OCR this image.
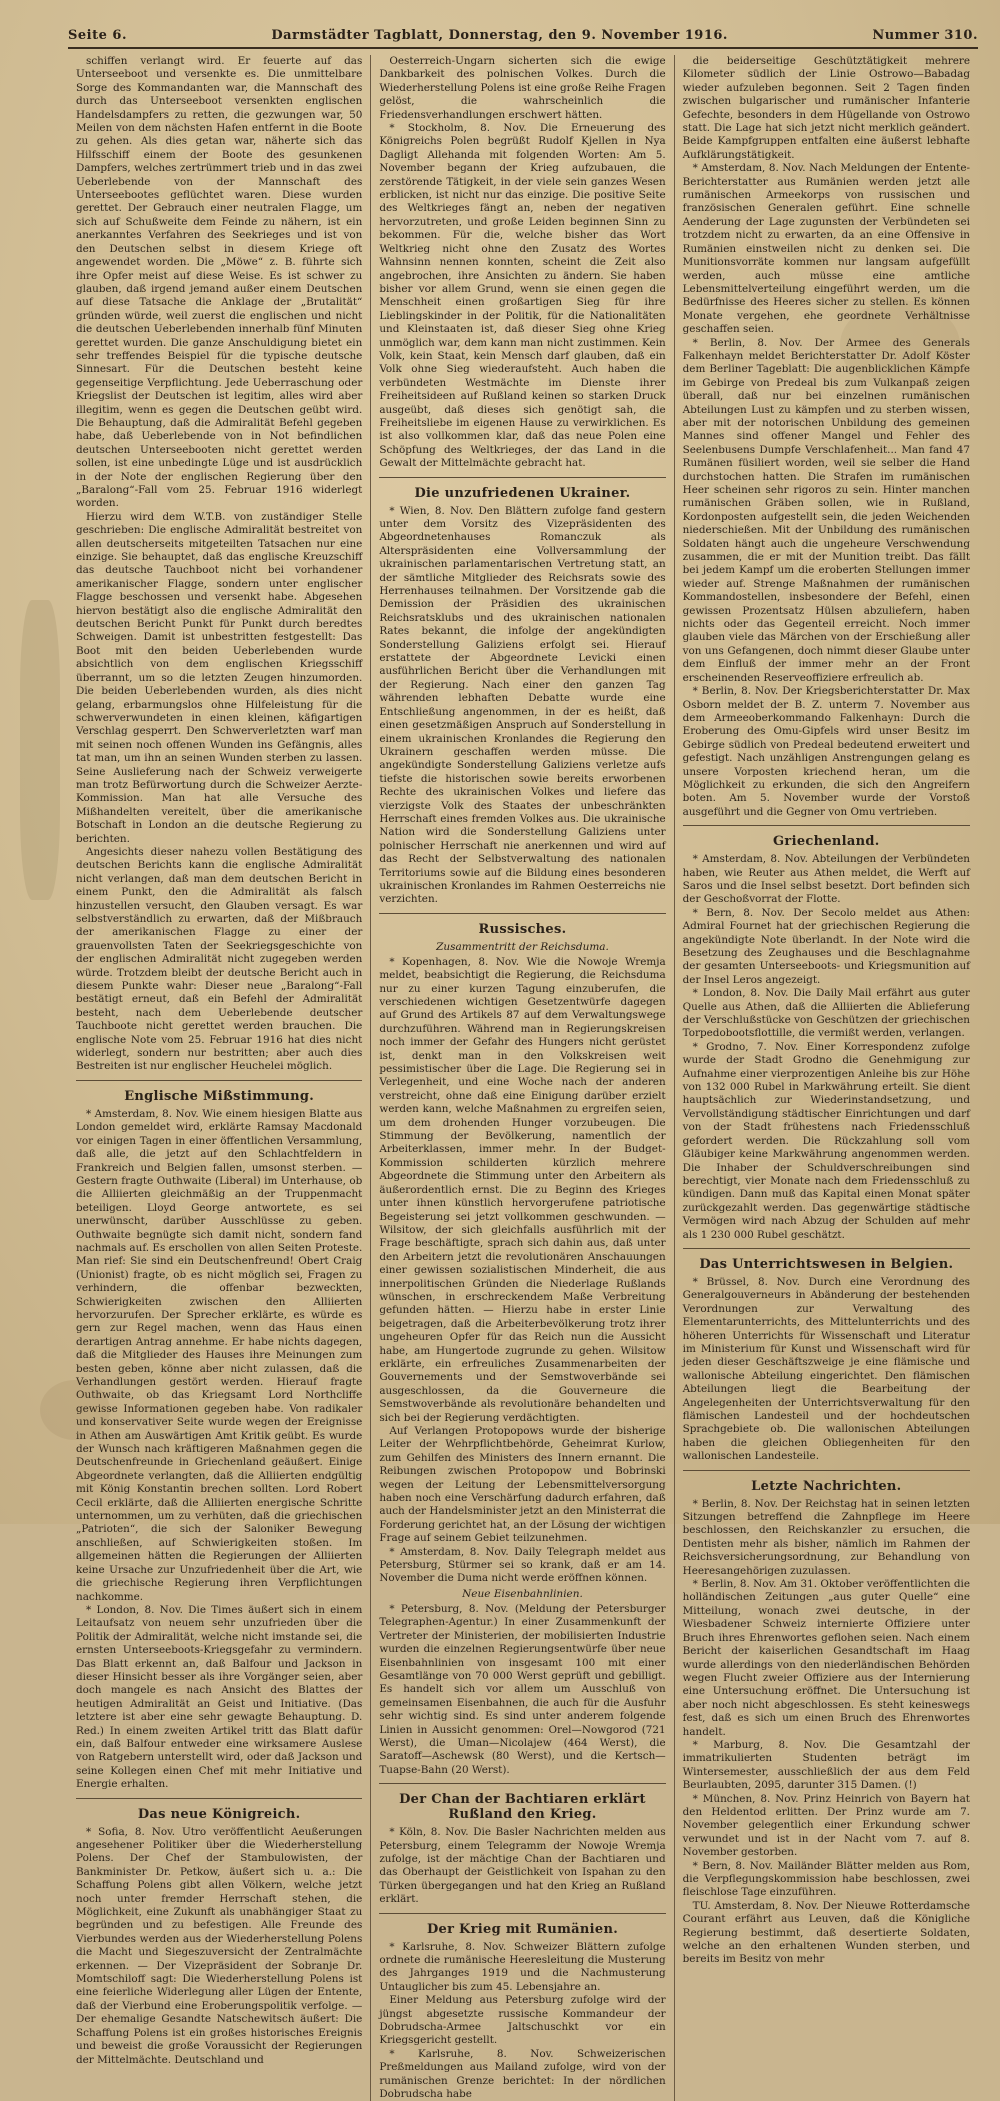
Seite 6.	Darmstädter Tagblatt, Donnerstag, den 9. November 1916.	Nummer 310.
schiffen verlangt wird. Er feuerte auf das Unterseeboot und versenkte es. Die unmittelbare Sorge des Kommandanten war, die Mannschaft des durch das Unterseeboot versenkten englischen Handelsdampfers zu retten, die gezwungen war, 50 Meilen von dem nächsten Hafen entfernt in die Boote zu gehen. Als dies getan war, näherte sich das Hilfsschiff einem der Boote des gesunkenen Dampfers, welches zertrümmert trieb und in das zwei Ueberlebende von der Mannschaft des Unterseebootes geflüchtet waren. Diese wurden gerettet. Der Gebrauch einer neutralen Flagge, um sich auf Schußweite dem Feinde zu nähern, ist ein anerkanntes Verfahren des Seekrieges und ist von den Deutschen selbst in diesem Kriege oft angewendet worden. Die „Möwe“ z. B. führte sich ihre Opfer meist auf diese Weise. Es ist schwer zu glauben, daß irgend jemand außer einem Deutschen auf diese Tatsache die Anklage der „Brutalität“ gründen würde, weil zuerst die englischen und nicht die deutschen Ueberlebenden innerhalb fünf Minuten gerettet wurden. Die ganze Anschuldigung bietet ein sehr treffendes Beispiel für die typische deutsche Sinnesart. Für die Deutschen besteht keine gegenseitige Verpflichtung. Jede Ueberraschung oder Kriegslist der Deutschen ist legitim, alles wird aber illegitim, wenn es gegen die Deutschen geübt wird. Die Behauptung, daß die Admiralität Befehl gegeben habe, daß Ueberlebende von in Not befindlichen deutschen Unterseebooten nicht gerettet werden sollen, ist eine unbedingte Lüge und ist ausdrücklich in der Note der englischen Regierung über den „Baralong“-Fall vom 25. Februar 1916 widerlegt worden.
Hierzu wird dem W.T.B. von zuständiger Stelle geschrieben: Die englische Admiralität bestreitet von allen deutscherseits mitgeteilten Tatsachen nur eine einzige. Sie behauptet, daß das englische Kreuzschiff das deutsche Tauchboot nicht bei vorhandener amerikanischer Flagge, sondern unter englischer Flagge beschossen und versenkt habe. Abgesehen hiervon bestätigt also die englische Admiralität den deutschen Bericht Punkt für Punkt durch beredtes Schweigen. Damit ist unbestritten festgestellt: Das Boot mit den beiden Ueberlebenden wurde absichtlich von dem englischen Kriegsschiff überrannt, um so die letzten Zeugen hinzumorden. Die beiden Ueberlebenden wurden, als dies nicht gelang, erbarmungslos ohne Hilfeleistung für die schwerverwundeten in einen kleinen, käfigartigen Verschlag gesperrt. Den Schwerverletzten warf man mit seinen noch offenen Wunden ins Gefängnis, alles tat man, um ihn an seinen Wunden sterben zu lassen. Seine Auslieferung nach der Schweiz verweigerte man trotz Befürwortung durch die Schweizer Aerzte-Kommission. Man hat alle Versuche des Mißhandelten vereitelt, über die amerikanische Botschaft in London an die deutsche Regierung zu berichten.
Angesichts dieser nahezu vollen Bestätigung des deutschen Berichts kann die englische Admiralität nicht verlangen, daß man dem deutschen Bericht in einem Punkt, den die Admiralität als falsch hinzustellen versucht, den Glauben versagt. Es war selbstverständlich zu erwarten, daß der Mißbrauch der amerikanischen Flagge zu einer der grauenvollsten Taten der Seekriegsgeschichte von der englischen Admiralität nicht zugegeben werden würde. Trotzdem bleibt der deutsche Bericht auch in diesem Punkte wahr: Dieser neue „Baralong“-Fall bestätigt erneut, daß ein Befehl der Admiralität besteht, nach dem Ueberlebende deutscher Tauchboote nicht gerettet werden brauchen. Die englische Note vom 25. Februar 1916 hat dies nicht widerlegt, sondern nur bestritten; aber auch dies Bestreiten ist nur englischer Heuchelei möglich.
Englische Mißstimmung.
* Amsterdam, 8. Nov. Wie einem hiesigen Blatte aus London gemeldet wird, erklärte Ramsay Macdonald vor einigen Tagen in einer öffentlichen Versammlung, daß alle, die jetzt auf den Schlachtfeldern in Frankreich und Belgien fallen, umsonst sterben. — Gestern fragte Outhwaite (Liberal) im Unterhause, ob die Alliierten gleichmäßig an der Truppenmacht beteiligen. Lloyd George antwortete, es sei unerwünscht, darüber Ausschlüsse zu geben. Outhwaite begnügte sich damit nicht, sondern fand nachmals auf. Es erschollen von allen Seiten Proteste. Man rief: Sie sind ein Deutschenfreund! Obert Craig (Unionist) fragte, ob es nicht möglich sei, Fragen zu verhindern, die offenbar bezweckten, Schwierigkeiten zwischen den Alliierten hervorzurufen. Der Sprecher erklärte, es würde es gern zur Regel machen, wenn das Haus einen derartigen Antrag annehme. Er habe nichts dagegen, daß die Mitglieder des Hauses ihre Meinungen zum besten geben, könne aber nicht zulassen, daß die Verhandlungen gestört werden. Hierauf fragte Outhwaite, ob das Kriegsamt Lord Northcliffe gewisse Informationen gegeben habe. Von radikaler und konservativer Seite wurde wegen der Ereignisse in Athen am Auswärtigen Amt Kritik geübt. Es wurde der Wunsch nach kräftigeren Maßnahmen gegen die Deutschenfreunde in Griechenland geäußert. Einige Abgeordnete verlangten, daß die Alliierten endgültig mit König Konstantin brechen sollten. Lord Robert Cecil erklärte, daß die Alliierten energische Schritte unternommen, um zu verhüten, daß die griechischen „Patrioten“, die sich der Saloniker Bewegung anschließen, auf Schwierigkeiten stoßen. Im allgemeinen hätten die Regierungen der Alliierten keine Ursache zur Unzufriedenheit über die Art, wie die griechische Regierung ihren Verpflichtungen nachkomme.
* London, 8. Nov. Die Times äußert sich in einem Leitaufsatz von neuem sehr unzufrieden über die Politik der Admiralität, welche nicht imstande sei, die ernsten Unterseeboots-Kriegsgefahr zu vermindern. Das Blatt erkennt an, daß Balfour und Jackson in dieser Hinsicht besser als ihre Vorgänger seien, aber doch mangele es nach Ansicht des Blattes der heutigen Admiralität an Geist und Initiative. (Das letztere ist aber eine sehr gewagte Behauptung. D. Red.) In einem zweiten Artikel tritt das Blatt dafür ein, daß Balfour entweder eine wirksamere Auslese von Ratgebern unterstellt wird, oder daß Jackson und seine Kollegen einen Chef mit mehr Initiative und Energie erhalten.
Das neue Königreich.
* Sofia, 8. Nov. Utro veröffentlicht Aeußerungen angesehener Politiker über die Wiederherstellung Polens. Der Chef der Stambulowisten, der Bankminister Dr. Petkow, äußert sich u. a.: Die Schaffung Polens gibt allen Völkern, welche jetzt noch unter fremder Herrschaft stehen, die Möglichkeit, eine Zukunft als unabhängiger Staat zu begründen und zu befestigen. Alle Freunde des Vierbundes werden aus der Wiederherstellung Polens die Macht und Siegeszuversicht der Zentralmächte erkennen. — Der Vizepräsident der Sobranje Dr. Momtschiloff sagt: Die Wiederherstellung Polens ist eine feierliche Widerlegung aller Lügen der Entente, daß der Vierbund eine Eroberungspolitik verfolge. — Der ehemalige Gesandte Natschewitsch äußert: Die Schaffung Polens ist ein großes historisches Ereignis und beweist die große Voraussicht der Regierungen der Mittelmächte. Deutschland und
Oesterreich-Ungarn sicherten sich die ewige Dankbarkeit des polnischen Volkes. Durch die Wiederherstellung Polens ist eine große Reihe Fragen gelöst, die wahrscheinlich die Friedensverhandlungen erschwert hätten.
* Stockholm, 8. Nov. Die Erneuerung des Königreichs Polen begrüßt Rudolf Kjellen in Nya Dagligt Allehanda mit folgenden Worten: Am 5. November begann der Krieg aufzubauen, die zerstörende Tätigkeit, in der viele sein ganzes Wesen erblicken, ist nicht nur das einzige. Die positive Seite des Weltkrieges fängt an, neben der negativen hervorzutreten, und große Leiden beginnen Sinn zu bekommen. Für die, welche bisher das Wort Weltkrieg nicht ohne den Zusatz des Wortes Wahnsinn nennen konnten, scheint die Zeit also angebrochen, ihre Ansichten zu ändern. Sie haben bisher vor allem Grund, wenn sie einen gegen die Menschheit einen großartigen Sieg für ihre Lieblingskinder in der Politik, für die Nationalitäten und Kleinstaaten ist, daß dieser Sieg ohne Krieg unmöglich war, dem kann man nicht zustimmen. Kein Volk, kein Staat, kein Mensch darf glauben, daß ein Volk ohne Sieg wiederaufsteht. Auch haben die verbündeten Westmächte im Dienste ihrer Freiheitsideen auf Rußland keinen so starken Druck ausgeübt, daß dieses sich genötigt sah, die Freiheitsliebe im eigenen Hause zu verwirklichen. Es ist also vollkommen klar, daß das neue Polen eine Schöpfung des Weltkrieges, der das Land in die Gewalt der Mittelmächte gebracht hat.
Die unzufriedenen Ukrainer.
* Wien, 8. Nov. Den Blättern zufolge fand gestern unter dem Vorsitz des Vizepräsidenten des Abgeordnetenhauses Romanczuk als Alterspräsidenten eine Vollversammlung der ukrainischen parlamentarischen Vertretung statt, an der sämtliche Mitglieder des Reichsrats sowie des Herrenhauses teilnahmen. Der Vorsitzende gab die Demission der Präsidien des ukrainischen Reichsratsklubs und des ukrainischen nationalen Rates bekannt, die infolge der angekündigten Sonderstellung Galiziens erfolgt sei. Hierauf erstattete der Abgeordnete Levicki einen ausführlichen Bericht über die Verhandlungen mit der Regierung. Nach einer den ganzen Tag währenden lebhaften Debatte wurde eine Entschließung angenommen, in der es heißt, daß einen gesetzmäßigen Anspruch auf Sonderstellung in einem ukrainischen Kronlandes die Regierung den Ukrainern geschaffen werden müsse. Die angekündigte Sonderstellung Galiziens verletze aufs tiefste die historischen sowie bereits erworbenen Rechte des ukrainischen Volkes und liefere das vierzigste Volk des Staates der unbeschränkten Herrschaft eines fremden Volkes aus. Die ukrainische Nation wird die Sonderstellung Galiziens unter polnischer Herrschaft nie anerkennen und wird auf das Recht der Selbstverwaltung des nationalen Territoriums sowie auf die Bildung eines besonderen ukrainischen Kronlandes im Rahmen Oesterreichs nie verzichten.
Russisches.
Zusammentritt der Reichsduma.
* Kopenhagen, 8. Nov. Wie die Nowoje Wremja meldet, beabsichtigt die Regierung, die Reichsduma nur zu einer kurzen Tagung einzuberufen, die verschiedenen wichtigen Gesetzentwürfe dagegen auf Grund des Artikels 87 auf dem Verwaltungswege durchzuführen. Während man in Regierungskreisen noch immer der Gefahr des Hungers nicht gerüstet ist, denkt man in den Volkskreisen weit pessimistischer über die Lage. Die Regierung sei in Verlegenheit, und eine Woche nach der anderen verstreicht, ohne daß eine Einigung darüber erzielt werden kann, welche Maßnahmen zu ergreifen seien, um dem drohenden Hunger vorzubeugen. Die Stimmung der Bevölkerung, namentlich der Arbeiterklassen, immer mehr. In der Budget-Kommission schilderten kürzlich mehrere Abgeordnete die Stimmung unter den Arbeitern als äußerordentlich ernst. Die zu Beginn des Krieges unter ihnen künstlich hervorgerufene patriotische Begeisterung sei jetzt vollkommen geschwunden. — Wilsitow, der sich gleichfalls ausführlich mit der Frage beschäftigte, sprach sich dahin aus, daß unter den Arbeitern jetzt die revolutionären Anschauungen einer gewissen sozialistischen Minderheit, die aus innerpolitischen Gründen die Niederlage Rußlands wünschen, in erschreckendem Maße Verbreitung gefunden hätten. — Hierzu habe in erster Linie beigetragen, daß die Arbeiterbevölkerung trotz ihrer ungeheuren Opfer für das Reich nun die Aussicht habe, am Hungertode zugrunde zu gehen. Wilsitow erklärte, ein erfreuliches Zusammenarbeiten der Gouvernements und der Semstwoverbände sei ausgeschlossen, da die Gouverneure die Semstwoverbände als revolutionäre behandelten und sich bei der Regierung verdächtigten.
Auf Verlangen Protopopows wurde der bisherige Leiter der Wehrpflichtbehörde, Geheimrat Kurlow, zum Gehilfen des Ministers des Innern ernannt. Die Reibungen zwischen Protopopow und Bobrinski wegen der Leitung der Lebensmittelversorgung haben noch eine Verschärfung dadurch erfahren, daß auch der Handelsminister jetzt an den Ministerrat die Forderung gerichtet hat, an der Lösung der wichtigen Frage auf seinem Gebiet teilzunehmen.
* Amsterdam, 8. Nov. Daily Telegraph meldet aus Petersburg, Stürmer sei so krank, daß er am 14. November die Duma nicht werde eröffnen können.
Neue Eisenbahnlinien.
* Petersburg, 8. Nov. (Meldung der Petersburger Telegraphen-Agentur.) In einer Zusammenkunft der Vertreter der Ministerien, der mobilisierten Industrie wurden die einzelnen Regierungsentwürfe über neue Eisenbahnlinien von insgesamt 100 mit einer Gesamtlänge von 70 000 Werst geprüft und gebilligt. Es handelt sich vor allem um Ausschluß von gemeinsamen Eisenbahnen, die auch für die Ausfuhr sehr wichtig sind. Es sind unter anderem folgende Linien in Aussicht genommen: Orel—Nowgorod (721 Werst), die Uman—Nicolajew (464 Werst), die Saratoff—Aschewsk (80 Werst), und die Kertsch—Tuapse-Bahn (20 Werst).
Der Chan der Bachtiaren erklärt Rußland den Krieg.
* Köln, 8. Nov. Die Basler Nachrichten melden aus Petersburg, einem Telegramm der Nowoje Wremja zufolge, ist der mächtige Chan der Bachtiaren und das Oberhaupt der Geistlichkeit von Ispahan zu den Türken übergegangen und hat den Krieg an Rußland erklärt.
Der Krieg mit Rumänien.
* Karlsruhe, 8. Nov. Schweizer Blättern zufolge ordnete die rumänische Heeresleitung die Musterung des Jahrganges 1919 und die Nachmusterung Untauglicher bis zum 45. Lebensjahre an.
Einer Meldung aus Petersburg zufolge wird der jüngst abgesetzte russische Kommandeur der Dobrudscha-Armee Jaltschuschkt vor ein Kriegsgericht gestellt.
* Karlsruhe, 8. Nov. Schweizerischen Preßmeldungen aus Mailand zufolge, wird von der rumänischen Grenze berichtet: In der nördlichen Dobrudscha habe
die beiderseitige Geschütztätigkeit mehrere Kilometer südlich der Linie Ostrowo—Babadag wieder aufzuleben begonnen. Seit 2 Tagen finden zwischen bulgarischer und rumänischer Infanterie Gefechte, besonders in dem Hügellande von Ostrowo statt. Die Lage hat sich jetzt nicht merklich geändert. Beide Kampfgruppen entfalten eine äußerst lebhafte Aufklärungstätigkeit.
* Amsterdam, 8. Nov. Nach Meldungen der Entente-Berichterstatter aus Rumänien werden jetzt alle rumänischen Armeekorps von russischen und französischen Generalen geführt. Eine schnelle Aenderung der Lage zugunsten der Verbündeten sei trotzdem nicht zu erwarten, da an eine Offensive in Rumänien einstweilen nicht zu denken sei. Die Munitionsvorräte kommen nur langsam aufgefüllt werden, auch müsse eine amtliche Lebensmittelverteilung eingeführt werden, um die Bedürfnisse des Heeres sicher zu stellen. Es können Monate vergehen, ehe geordnete Verhältnisse geschaffen seien.
* Berlin, 8. Nov. Der Armee des Generals Falkenhayn meldet Berichterstatter Dr. Adolf Köster dem Berliner Tageblatt: Die augenblicklichen Kämpfe im Gebirge von Predeal bis zum Vulkanpaß zeigen überall, daß nur bei einzelnen rumänischen Abteilungen Lust zu kämpfen und zu sterben wissen, aber mit der notorischen Unbildung des gemeinen Mannes sind offener Mangel und Fehler des Seelenbusens Dumpfe Verschlafenheit... Man fand 47 Rumänen füsiliert worden, weil sie selber die Hand durchstochen hatten. Die Strafen im rumänischen Heer scheinen sehr rigoros zu sein. Hinter manchen rumänischen Gräben sollen, wie in Rußland, Kordonposten aufgestellt sein, die jeden Weichenden niederschießen. Mit der Unbildung des rumänischen Soldaten hängt auch die ungeheure Verschwendung zusammen, die er mit der Munition treibt. Das fällt bei jedem Kampf um die eroberten Stellungen immer wieder auf. Strenge Maßnahmen der rumänischen Kommandostellen, insbesondere der Befehl, einen gewissen Prozentsatz Hülsen abzuliefern, haben nichts oder das Gegenteil erreicht. Noch immer glauben viele das Märchen von der Erschießung aller von uns Gefangenen, doch nimmt dieser Glaube unter dem Einfluß der immer mehr an der Front erscheinenden Reserveoffiziere erfreulich ab.
* Berlin, 8. Nov. Der Kriegsberichterstatter Dr. Max Osborn meldet der B. Z. unterm 7. November aus dem Armeeoberkommando Falkenhayn: Durch die Eroberung des Omu-Gipfels wird unser Besitz im Gebirge südlich von Predeal bedeutend erweitert und gefestigt. Nach unzähligen Anstrengungen gelang es unsere Vorposten kriechend heran, um die Möglichkeit zu erkunden, die sich den Angreifern boten. Am 5. November wurde der Vorstoß ausgeführt und die Gegner von Omu vertrieben.
Griechenland.
* Amsterdam, 8. Nov. Abteilungen der Verbündeten haben, wie Reuter aus Athen meldet, die Werft auf Saros und die Insel selbst besetzt. Dort befinden sich der Geschoßvorrat der Flotte.
* Bern, 8. Nov. Der Secolo meldet aus Athen: Admiral Fournet hat der griechischen Regierung die angekündigte Note überlandt. In der Note wird die Besetzung des Zeughauses und die Beschlagnahme der gesamten Unterseeboots- und Kriegsmunition auf der Insel Leros angezeigt.
* London, 8. Nov. Die Daily Mail erfährt aus guter Quelle aus Athen, daß die Alliierten die Ablieferung der Verschlußstücke von Geschützen der griechischen Torpedobootsflottille, die vermißt werden, verlangen.
* Grodno, 7. Nov. Einer Korrespondenz zufolge wurde der Stadt Grodno die Genehmigung zur Aufnahme einer vierprozentigen Anleihe bis zur Höhe von 132 000 Rubel in Markwährung erteilt. Sie dient hauptsächlich zur Wiederinstandsetzung, und Vervollständigung städtischer Einrichtungen und darf von der Stadt frühestens nach Friedensschluß gefordert werden. Die Rückzahlung soll vom Gläubiger keine Markwährung angenommen werden. Die Inhaber der Schuldverschreibungen sind berechtigt, vier Monate nach dem Friedensschluß zu kündigen. Dann muß das Kapital einen Monat später zurückgezahlt werden. Das gegenwärtige städtische Vermögen wird nach Abzug der Schulden auf mehr als 1 230 000 Rubel geschätzt.
Das Unterrichtswesen in Belgien.
* Brüssel, 8. Nov. Durch eine Verordnung des Generalgouverneurs in Abänderung der bestehenden Verordnungen zur Verwaltung des Elementarunterrichts, des Mittelunterrichts und des höheren Unterrichts für Wissenschaft und Literatur im Ministerium für Kunst und Wissenschaft wird für jeden dieser Geschäftszweige je eine flämische und wallonische Abteilung eingerichtet. Den flämischen Abteilungen liegt die Bearbeitung der Angelegenheiten der Unterrichtsverwaltung für den flämischen Landesteil und der hochdeutschen Sprachgebiete ob. Die wallonischen Abteilungen haben die gleichen Obliegenheiten für den wallonischen Landesteile.
Letzte Nachrichten.
* Berlin, 8. Nov. Der Reichstag hat in seinen letzten Sitzungen betreffend die Zahnpflege im Heere beschlossen, den Reichskanzler zu ersuchen, die Dentisten mehr als bisher, nämlich im Rahmen der Reichsversicherungsordnung, zur Behandlung von Heeresangehörigen zuzulassen.
* Berlin, 8. Nov. Am 31. Oktober veröffentlichten die holländischen Zeitungen „aus guter Quelle“ eine Mitteilung, wonach zwei deutsche, in der Wiesbadener Schweiz internierte Offiziere unter Bruch ihres Ehrenwortes geflohen seien. Nach einem Bericht der kaiserlichen Gesandtschaft im Haag wurde allerdings von den niederländischen Behörden wegen Flucht zweier Offiziere aus der Internierung eine Untersuchung eröffnet. Die Untersuchung ist aber noch nicht abgeschlossen. Es steht keineswegs fest, daß es sich um einen Bruch des Ehrenwortes handelt.
* Marburg, 8. Nov. Die Gesamtzahl der immatrikulierten Studenten beträgt im Wintersemester, ausschließlich der aus dem Feld Beurlaubten, 2095, darunter 315 Damen. (!)
* München, 8. Nov. Prinz Heinrich von Bayern hat den Heldentod erlitten. Der Prinz wurde am 7. November gelegentlich einer Erkundung schwer verwundet und ist in der Nacht vom 7. auf 8. November gestorben.
* Bern, 8. Nov. Mailänder Blätter melden aus Rom, die Verpflegungskommission habe beschlossen, zwei fleischlose Tage einzuführen.
TU. Amsterdam, 8. Nov. Der Nieuwe Rotterdamsche Courant erfährt aus Leuven, daß die Königliche Regierung bestimmt, daß desertierte Soldaten, welche an den erhaltenen Wunden sterben, und bereits im Besitz von mehr
